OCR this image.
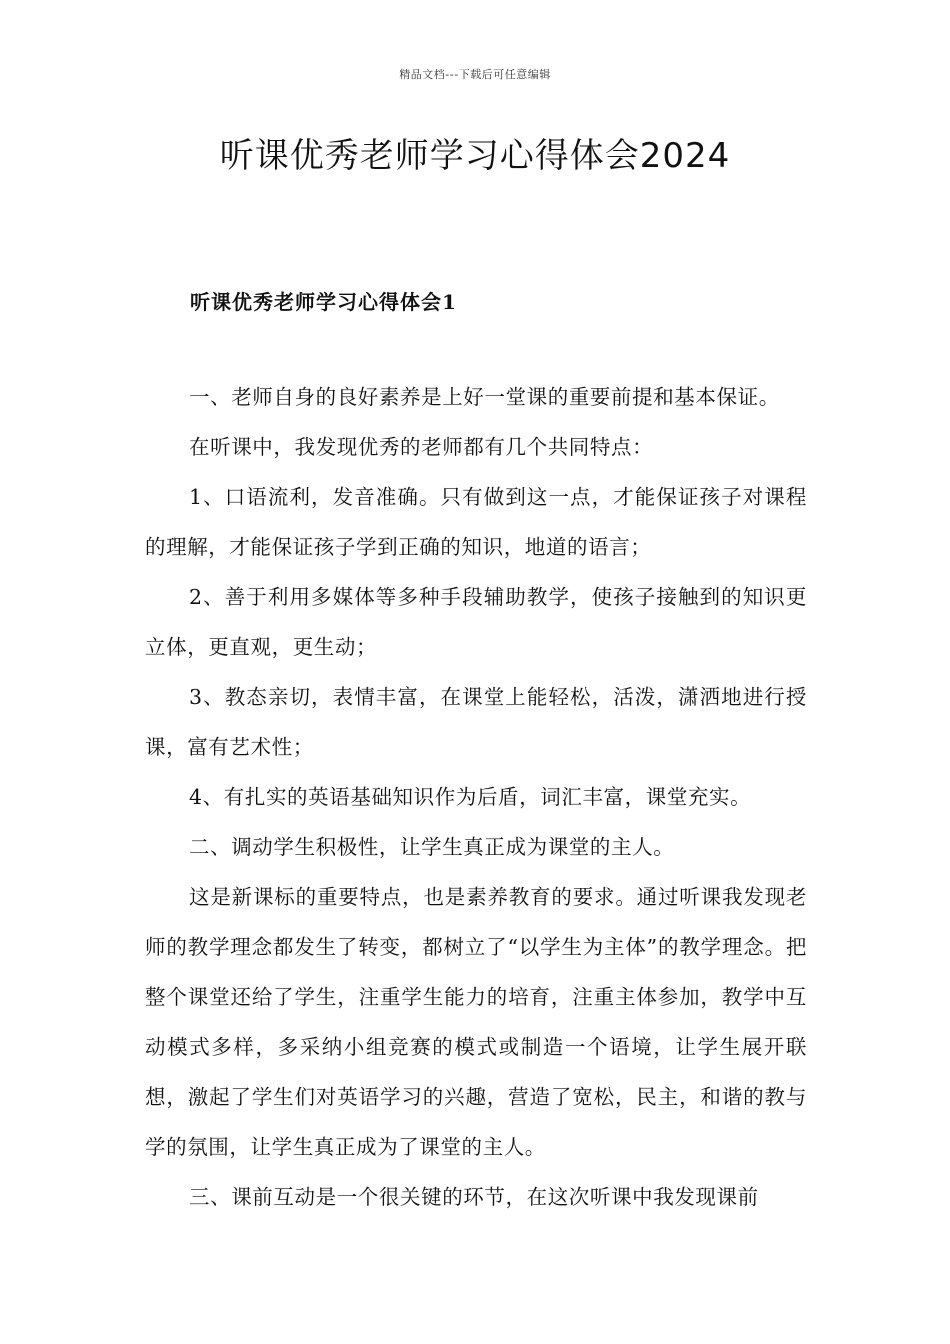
精品文档---下载后可任意编辑
听课优秀老师学习心得体会2024
听课优秀老师学习心得体会1

一、老师自身的良好素养是上好一堂课的重要前提和基本保证。

在听课中，我发现优秀的老师都有几个共同特点：

1、口语流利，发音准确。只有做到这一点，才能保证孩子对课程的理解，才能保证孩子学到正确的知识，地道的语言；

2、善于利用多媒体等多种手段辅助教学，使孩子接触到的知识更立体，更直观，更生动；

3、教态亲切，表情丰富，在课堂上能轻松，活泼，潇洒地进行授课，富有艺术性；

4、有扎实的英语基础知识作为后盾，词汇丰富，课堂充实。

二、调动学生积极性，让学生真正成为课堂的主人。

这是新课标的重要特点，也是素养教育的要求。通过听课我发现老师的教学理念都发生了转变，都树立了“以学生为主体”的教学理念。把整个课堂还给了学生，注重学生能力的培育，注重主体参加，教学中互动模式多样，多采纳小组竞赛的模式或制造一个语境，让学生展开联想，激起了学生们对英语学习的兴趣，营造了宽松，民主，和谐的教与学的氛围，让学生真正成为了课堂的主人。

三、课前互动是一个很关键的环节，在这次听课中我发现课前
